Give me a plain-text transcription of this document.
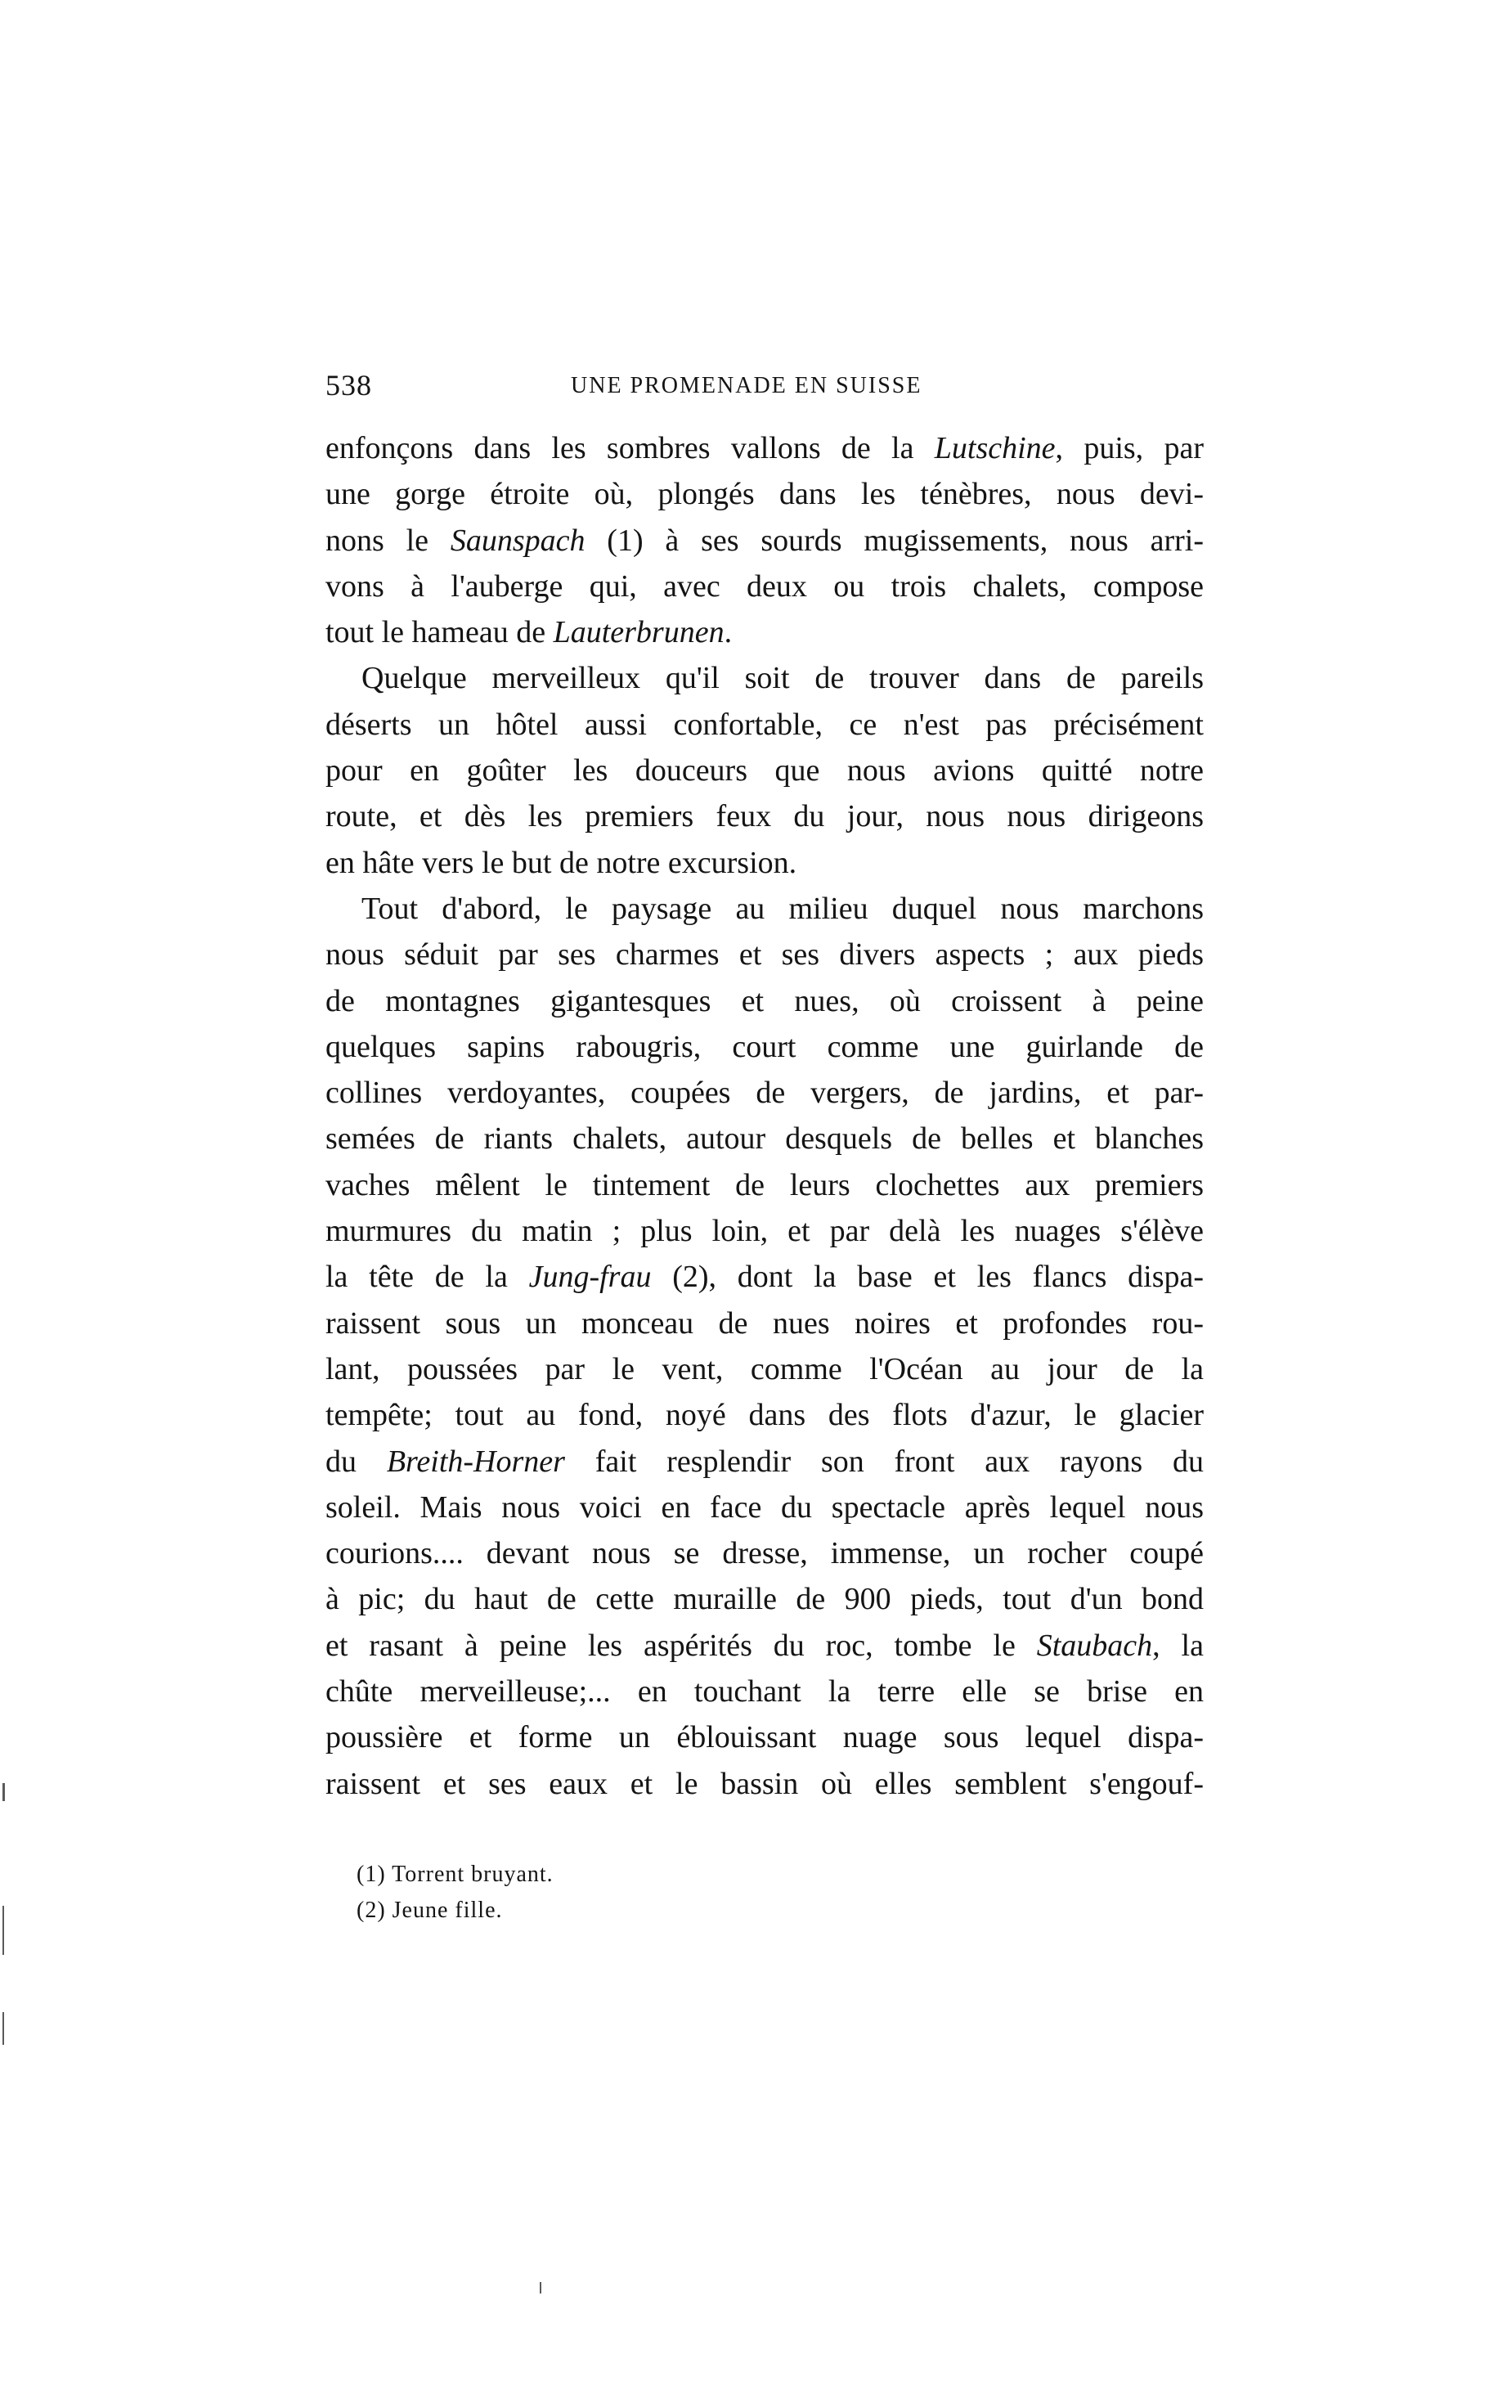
538	UNE PROMENADE EN SUISSE
enfonçons dans les sombres vallons de la Lutschine, puis, par
une gorge étroite où, plongés dans les ténèbres, nous devi-
nons le Saunspach (1) à ses sourds mugissements, nous arri-
vons à l'auberge qui, avec deux ou trois chalets, compose
tout le hameau de Lauterbrunen.
Quelque merveilleux qu'il soit de trouver dans de pareils
déserts un hôtel aussi confortable, ce n'est pas précisément
pour en goûter les douceurs que nous avions quitté notre
route, et dès les premiers feux du jour, nous nous dirigeons
en hâte vers le but de notre excursion.
Tout d'abord, le paysage au milieu duquel nous marchons
nous séduit par ses charmes et ses divers aspects ; aux pieds
de montagnes gigantesques et nues, où croissent à peine
quelques sapins rabougris, court comme une guirlande de
collines verdoyantes, coupées de vergers, de jardins, et par-
semées de riants chalets, autour desquels de belles et blanches
vaches mêlent le tintement de leurs clochettes aux premiers
murmures du matin ; plus loin, et par delà les nuages s'élève
la tête de la Jung-frau (2), dont la base et les flancs dispa-
raissent sous un monceau de nues noires et profondes rou-
lant, poussées par le vent, comme l'Océan au jour de la
tempête; tout au fond, noyé dans des flots d'azur, le glacier
du Breith-Horner fait resplendir son front aux rayons du
soleil. Mais nous voici en face du spectacle après lequel nous
courions.... devant nous se dresse, immense, un rocher coupé
à pic; du haut de cette muraille de 900 pieds, tout d'un bond
et rasant à peine les aspérités du roc, tombe le Staubach, la
chûte merveilleuse;... en touchant la terre elle se brise en
poussière et forme un éblouissant nuage sous lequel dispa-
raissent et ses eaux et le bassin où elles semblent s'engouf-
(1) Torrent bruyant.
(2) Jeune fille.
